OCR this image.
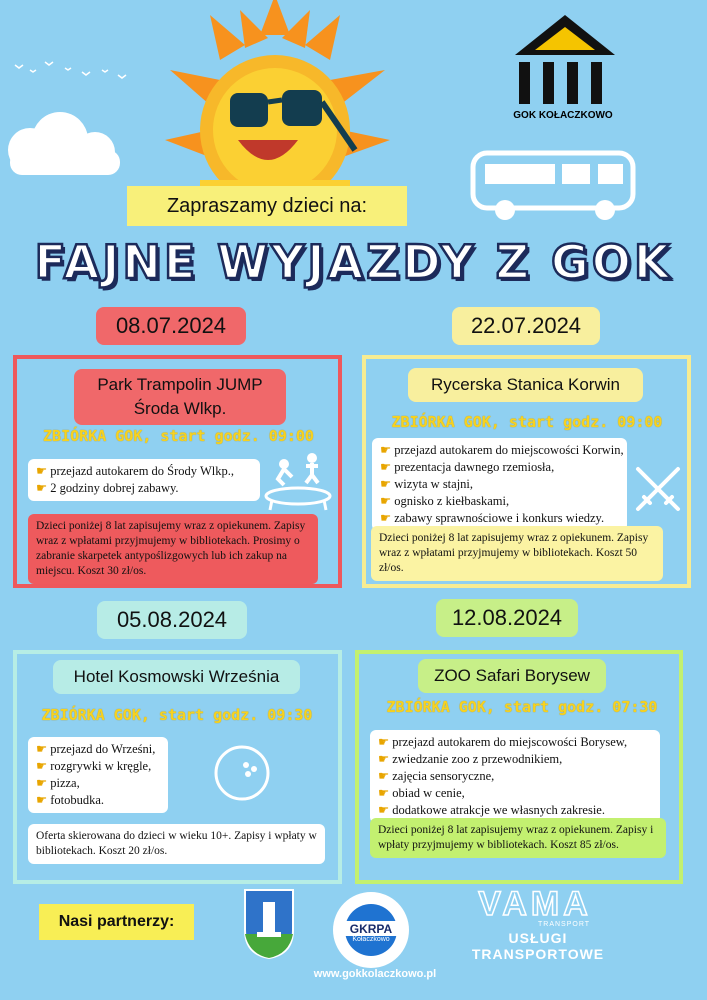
GOK KOŁACZKOWO
Zapraszamy dzieci na:
FAJNE WYJAZDY Z GOK
08.07.2024
Park Trampolin JUMP Środa Wlkp.
ZBIÓRKA GOK, start godz. 09:00
☛ przejazd autokarem do Środy Wlkp.,
☛ 2 godziny dobrej zabawy.
Dzieci poniżej 8 lat zapisujemy wraz z opiekunem. Zapisy wraz z wpłatami przyjmujemy w bibliotekach. Prosimy o zabranie skarpetek antypoślizgowych lub ich zakup na miejscu. Koszt 30 zł/os.
22.07.2024
Rycerska Stanica Korwin
ZBIÓRKA GOK, start godz. 09:00
☛ przejazd autokarem do miejscowości Korwin,
☛ prezentacja dawnego rzemiosła,
☛ wizyta w stajni,
☛ ognisko z kiełbaskami,
☛ zabawy sprawnościowe i konkurs wiedzy.
Dzieci poniżej 8 lat zapisujemy wraz z opiekunem. Zapisy wraz z wpłatami przyjmujemy w bibliotekach. Koszt 50 zł/os.
05.08.2024
Hotel Kosmowski Września
ZBIÓRKA GOK, start godz. 09:30
☛ przejazd do Wrześni,
☛ rozgrywki w kręgle,
☛ pizza,
☛ fotobudka.
Oferta skierowana do dzieci w wieku 10+. Zapisy i wpłaty w bibliotekach. Koszt 20 zł/os.
12.08.2024
ZOO Safari Borysew
ZBIÓRKA GOK, start godz. 07:30
☛ przejazd autokarem do miejscowości Borysew,
☛ zwiedzanie zoo z przewodnikiem,
☛ zajęcia sensoryczne,
☛ obiad w cenie,
☛ dodatkowe atrakcje we własnych zakresie.
Dzieci poniżej 8 lat zapisujemy wraz z opiekunem. Zapisy i wpłaty przyjmujemy w bibliotekach. Koszt 85 zł/os.
Nasi partnerzy:	GKRPA
Kołaczkowo
VAMA
TRANSPORT
USŁUGI TRANSPORTOWE
www.gokkolaczkowo.pl
